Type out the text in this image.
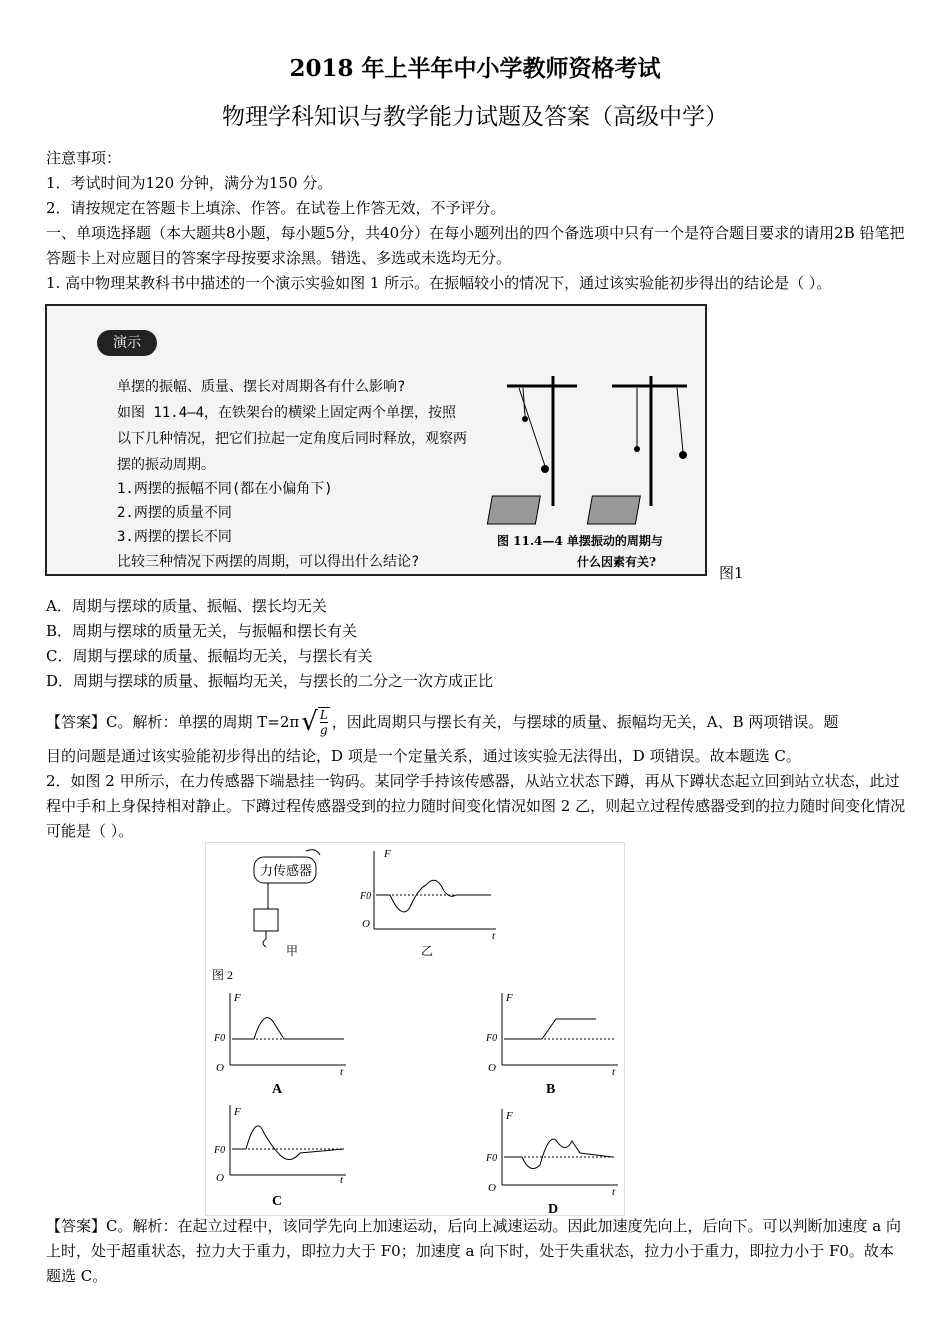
2018 年上半年中小学教师资格考试
物理学科知识与教学能力试题及答案（高级中学）
注意事项：
1．考试时间为120 分钟，满分为150 分。
2．请按规定在答题卡上填涂、作答。在试卷上作答无效，不予评分。
一、单项选择题（本大题共8小题，每小题5分，共40分）在每小题列出的四个备选项中只有一个是符合题目要求的请用2B 铅笔把答题卡上对应题目的答案字母按要求涂黑。错选、多选或未选均无分。
1. 高中物理某教科书中描述的一个演示实验如图 1 所示。在振幅较小的情况下，通过该实验能初步得出的结论是（ ）。
演示
单摆的振幅、质量、摆长对周期各有什么影响?
如图 11.4—4，在铁架台的横梁上固定两个单摆，按照
以下几种情况，把它们拉起一定角度后同时释放，观察两
摆的振动周期。
1.两摆的振幅不同(都在小偏角下)
2.两摆的质量不同
3.两摆的摆长不同
比较三种情况下两摆的周期，可以得出什么结论?
图 11.4—4 单摆振动的周期与
什么因素有关?
图1
A．周期与摆球的质量、振幅、摆长均无关
B．周期与摆球的质量无关，与振幅和摆长有关
C．周期与摆球的质量、振幅均无关，与摆长有关
D．周期与摆球的质量、振幅均无关，与摆长的二分之一次方成正比
【答案】C。解析：单摆的周期 T=2π √ $\frac{L}{g}$ ，因此周期只与摆长有关，与摆球的质量、振幅均无关，A、B 两项错误。题
目的问题是通过该实验能初步得出的结论，D 项是一个定量关系，通过该实验无法得出，D 项错误。故本题选 C。
2．如图 2 甲所示，在力传感器下端悬挂一钩码。某同学手持该传感器，从站立状态下蹲，再从下蹲状态起立回到站立状态，此过程中手和上身保持相对静止。下蹲过程传感器受到的拉力随时间变化情况如图 2 乙，则起立过程传感器受到的拉力随时间变化情况可能是（ ）。
力传感器
甲
F
t
F0
O
乙
图 2
F
t
F0
O
A
F
t
F0
O
B
F
t
F0
O
C
F
t
F0
O
D
【答案】C。解析：在起立过程中，该同学先向上加速运动，后向上减速运动。因此加速度先向上，后向下。可以判断加速度 a 向上时，处于超重状态，拉力大于重力，即拉力大于 F0；加速度 a 向下时，处于失重状态，拉力小于重力，即拉力小于 F0。故本题选 C。
